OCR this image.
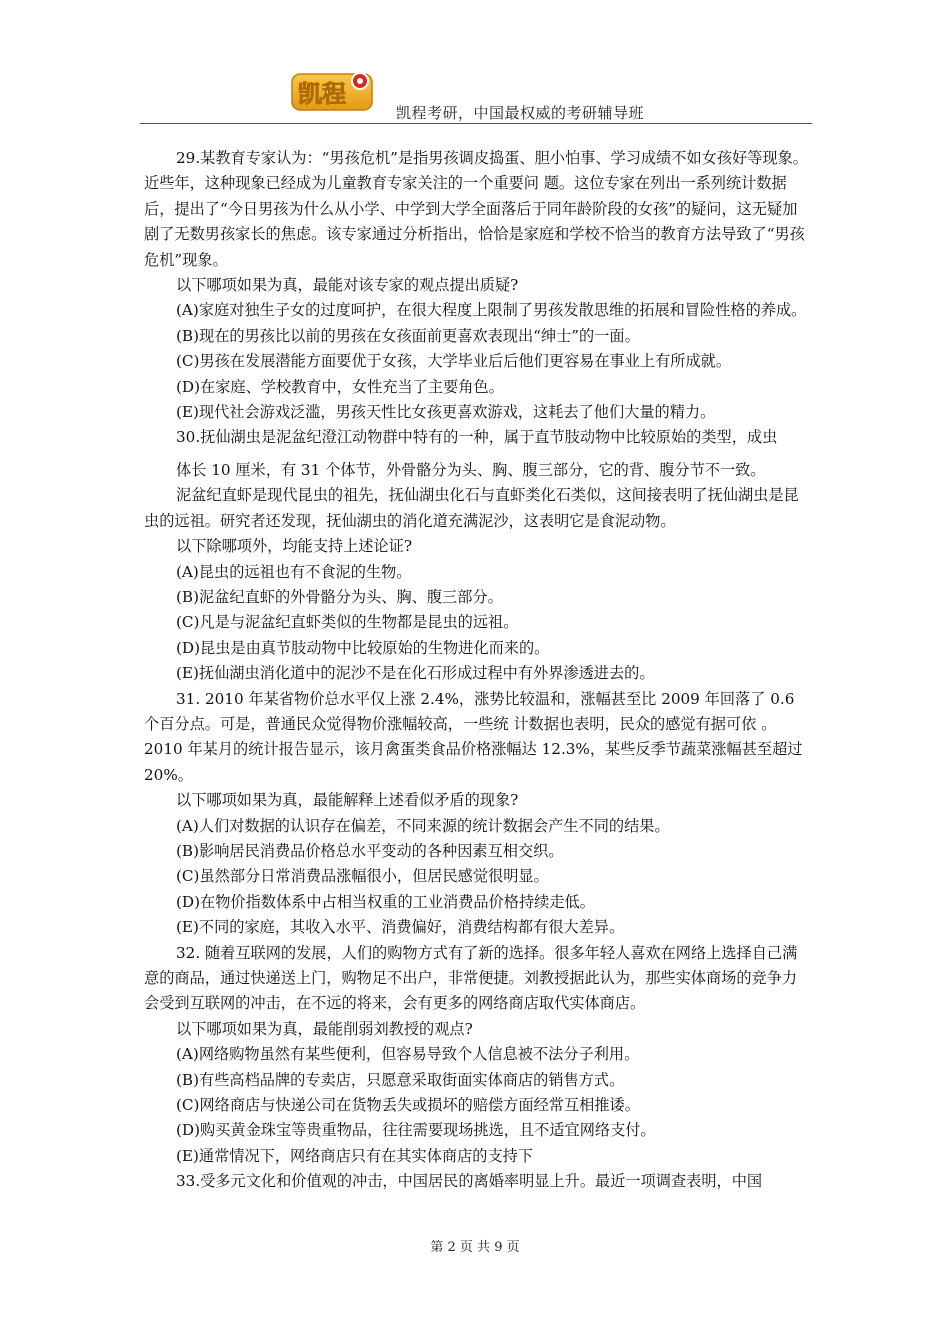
凯程
凯程考研，中国最权威的考研辅导班

29.某教育专家认为：“男孩危机”是指男孩调皮捣蛋、胆小怕事、学习成绩不如女孩好等现象。近些年，这种现象已经成为儿童教育专家关注的一个重要问 题。这位专家在列出一系列统计数据后，提出了“今日男孩为什么从小学、中学到大学全面落后于同年龄阶段的女孩”的疑问，这无疑加剧了无数男孩家长的焦虑。该专家通过分析指出，恰恰是家庭和学校不恰当的教育方法导致了“男孩危机”现象。

以下哪项如果为真，最能对该专家的观点提出质疑?

(A)家庭对独生子女的过度呵护，在很大程度上限制了男孩发散思维的拓展和冒险性格的养成。

(B)现在的男孩比以前的男孩在女孩面前更喜欢表现出“绅士”的一面。

(C)男孩在发展潜能方面要优于女孩，大学毕业后后他们更容易在事业上有所成就。

(D)在家庭、学校教育中，女性充当了主要角色。

(E)现代社会游戏泛滥，男孩天性比女孩更喜欢游戏，这耗去了他们大量的精力。

30.抚仙湖虫是泥盆纪澄江动物群中特有的一种，属于直节肢动物中比较原始的类型，成虫

体长 10 厘米，有 31 个体节，外骨骼分为头、胸、腹三部分，它的背、腹分节不一致。

泥盆纪直虾是现代昆虫的祖先，抚仙湖虫化石与直虾类化石类似，这间接表明了抚仙湖虫是昆虫的远祖。研究者还发现，抚仙湖虫的消化道充满泥沙，这表明它是食泥动物。

以下除哪项外，均能支持上述论证?

(A)昆虫的远祖也有不食泥的生物。

(B)泥盆纪直虾的外骨骼分为头、胸、腹三部分。

(C)凡是与泥盆纪直虾类似的生物都是昆虫的远祖。

(D)昆虫是由真节肢动物中比较原始的生物进化而来的。

(E)抚仙湖虫消化道中的泥沙不是在化石形成过程中有外界渗透进去的。

31. 2010 年某省物价总水平仅上涨 2.4%，涨势比较温和，涨幅甚至比 2009 年回落了 0.6 个百分点。可是，普通民众觉得物价涨幅较高，一些统 计数据也表明，民众的感觉有据可依 。2010 年某月的统计报告显示，该月禽蛋类食品价格涨幅达 12.3%，某些反季节蔬菜涨幅甚至超过 20%。

以下哪项如果为真，最能解释上述看似矛盾的现象?

(A)人们对数据的认识存在偏差，不同来源的统计数据会产生不同的结果。

(B)影响居民消费品价格总水平变动的各种因素互相交织。

(C)虽然部分日常消费品涨幅很小，但居民感觉很明显。

(D)在物价指数体系中占相当权重的工业消费品价格持续走低。

(E)不同的家庭，其收入水平、消费偏好，消费结构都有很大差异。

32. 随着互联网的发展，人们的购物方式有了新的选择。很多年轻人喜欢在网络上选择自己满意的商品，通过快递送上门，购物足不出户，非常便捷。刘教授据此认为，那些实体商场的竞争力会受到互联网的冲击，在不远的将来，会有更多的网络商店取代实体商店。

以下哪项如果为真，最能削弱刘教授的观点?

(A)网络购物虽然有某些便利，但容易导致个人信息被不法分子利用。

(B)有些高档品牌的专卖店，只愿意采取街面实体商店的销售方式。

(C)网络商店与快递公司在货物丢失或损坏的赔偿方面经常互相推诿。

(D)购买黄金珠宝等贵重物品，往往需要现场挑选，且不适宜网络支付。

(E)通常情况下，网络商店只有在其实体商店的支持下

33.受多元文化和价值观的冲击，中国居民的离婚率明显上升。最近一项调查表明，中国

第 2 页 共 9 页
